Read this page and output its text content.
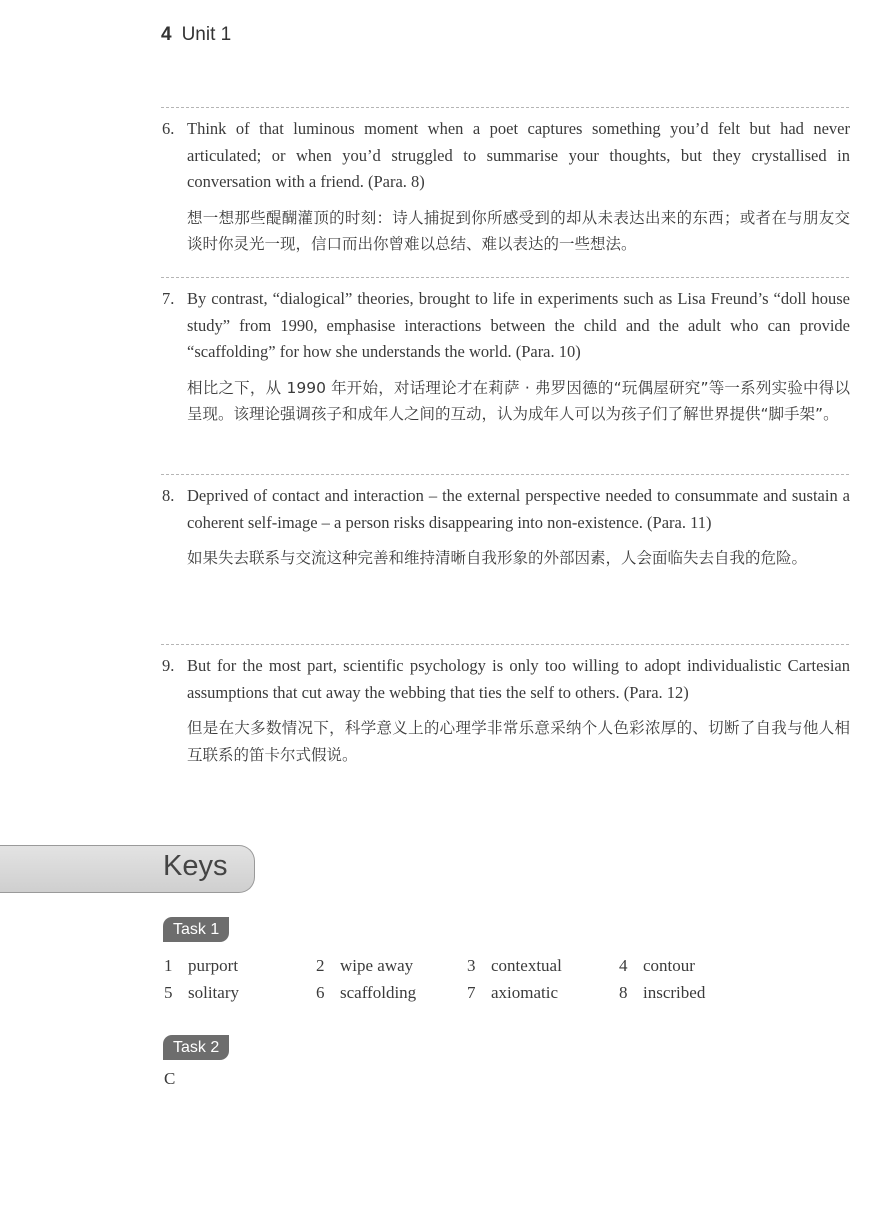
4 Unit 1
6. Think of that luminous moment when a poet captures something you’d felt but had never articulated; or when you’d struggled to summarise your thoughts, but they crystallised in conversation with a friend. (Para. 8)
想一想那些醍醐灌顶的时刻：诗人捕捉到你所感受到的却从未表达出来的东西；或者在与朋友交谈时你灵光一现，信口而出你曾难以总结、难以表达的一些想法。
7. By contrast, “dialogical” theories, brought to life in experiments such as Lisa Freund’s “doll house study” from 1990, emphasise interactions between the child and the adult who can provide “scaffolding” for how she understands the world. (Para. 10)
相比之下，从 1990 年开始，对话理论才在莉萨 · 弗罗因德的“玩偶屋研究”等一系列实验中得以呈现。该理论强调孩子和成年人之间的互动，认为成年人可以为孩子们了解世界提供“脚手架”。
8. Deprived of contact and interaction – the external perspective needed to consummate and sustain a coherent self-image – a person risks disappearing into non-existence. (Para. 11)
如果失去联系与交流这种完善和维持清晰自我形象的外部因素，人会面临失去自我的危险。
9. But for the most part, scientific psychology is only too willing to adopt individualistic Cartesian assumptions that cut away the webbing that ties the self to others. (Para. 12)
但是在大多数情况下，科学意义上的心理学非常乐意采纳个人色彩浓厚的、切断了自我与他人相互联系的笛卡尔式假说。
Keys
Task 1
1 purport	2 wipe away	3 contextual	4 contour
5 solitary	6 scaffolding	7 axiomatic	8 inscribed
Task 2
C
